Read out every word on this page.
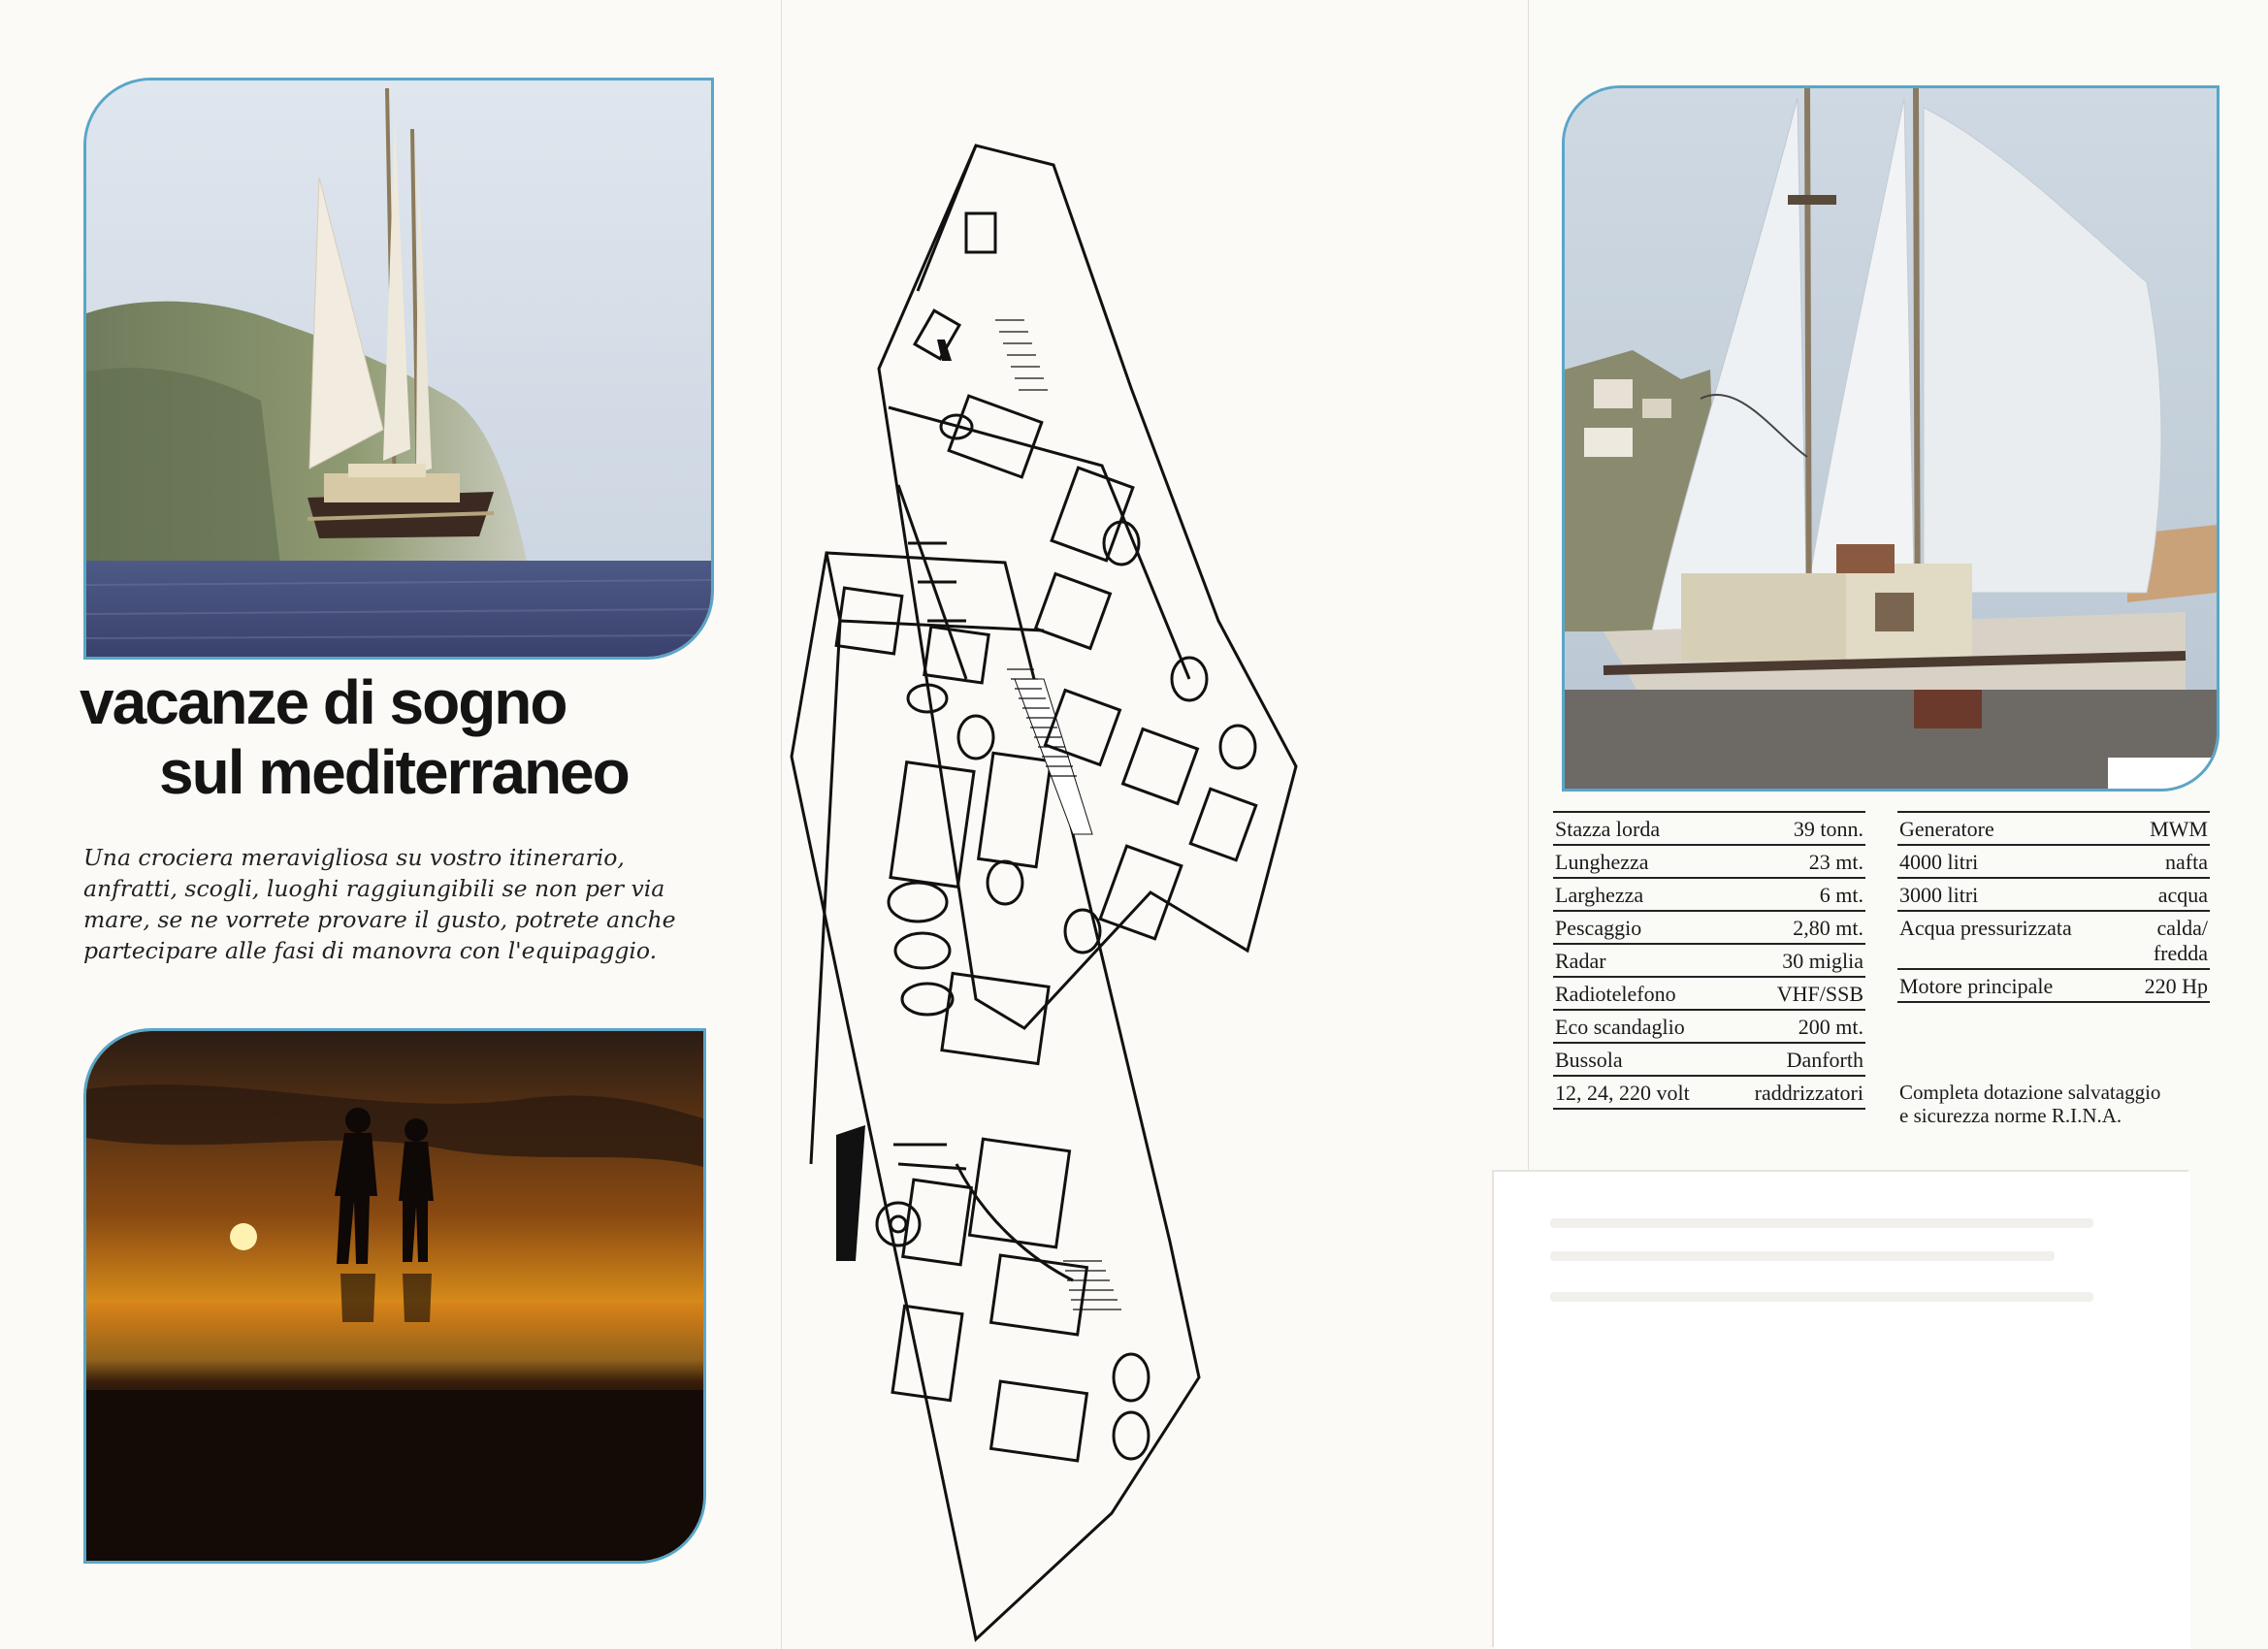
vacanze di sogno
sul mediterraneo
Una crociera meravigliosa su vostro itinerario,
anfratti, scogli, luoghi raggiungibili se non per via
mare, se ne vorrete provare il gusto, potrete anche
partecipare alle fasi di manovra con l'equipaggio.
Stazza lorda	39 tonn.
Lunghezza	23 mt.
Larghezza	6 mt.
Pescaggio	2,80 mt.
Radar	30 miglia
Radiotelefono	VHF/SSB
Eco scandaglio	200 mt.
Bussola	Danforth
12, 24, 220 volt	raddrizzatori
Generatore	MWM
4000 litri	nafta
3000 litri	acqua
Acqua pressurizzata	calda/
fredda
Motore principale	220 Hp
Completa dotazione salvataggio
e sicurezza norme R.I.N.A.
